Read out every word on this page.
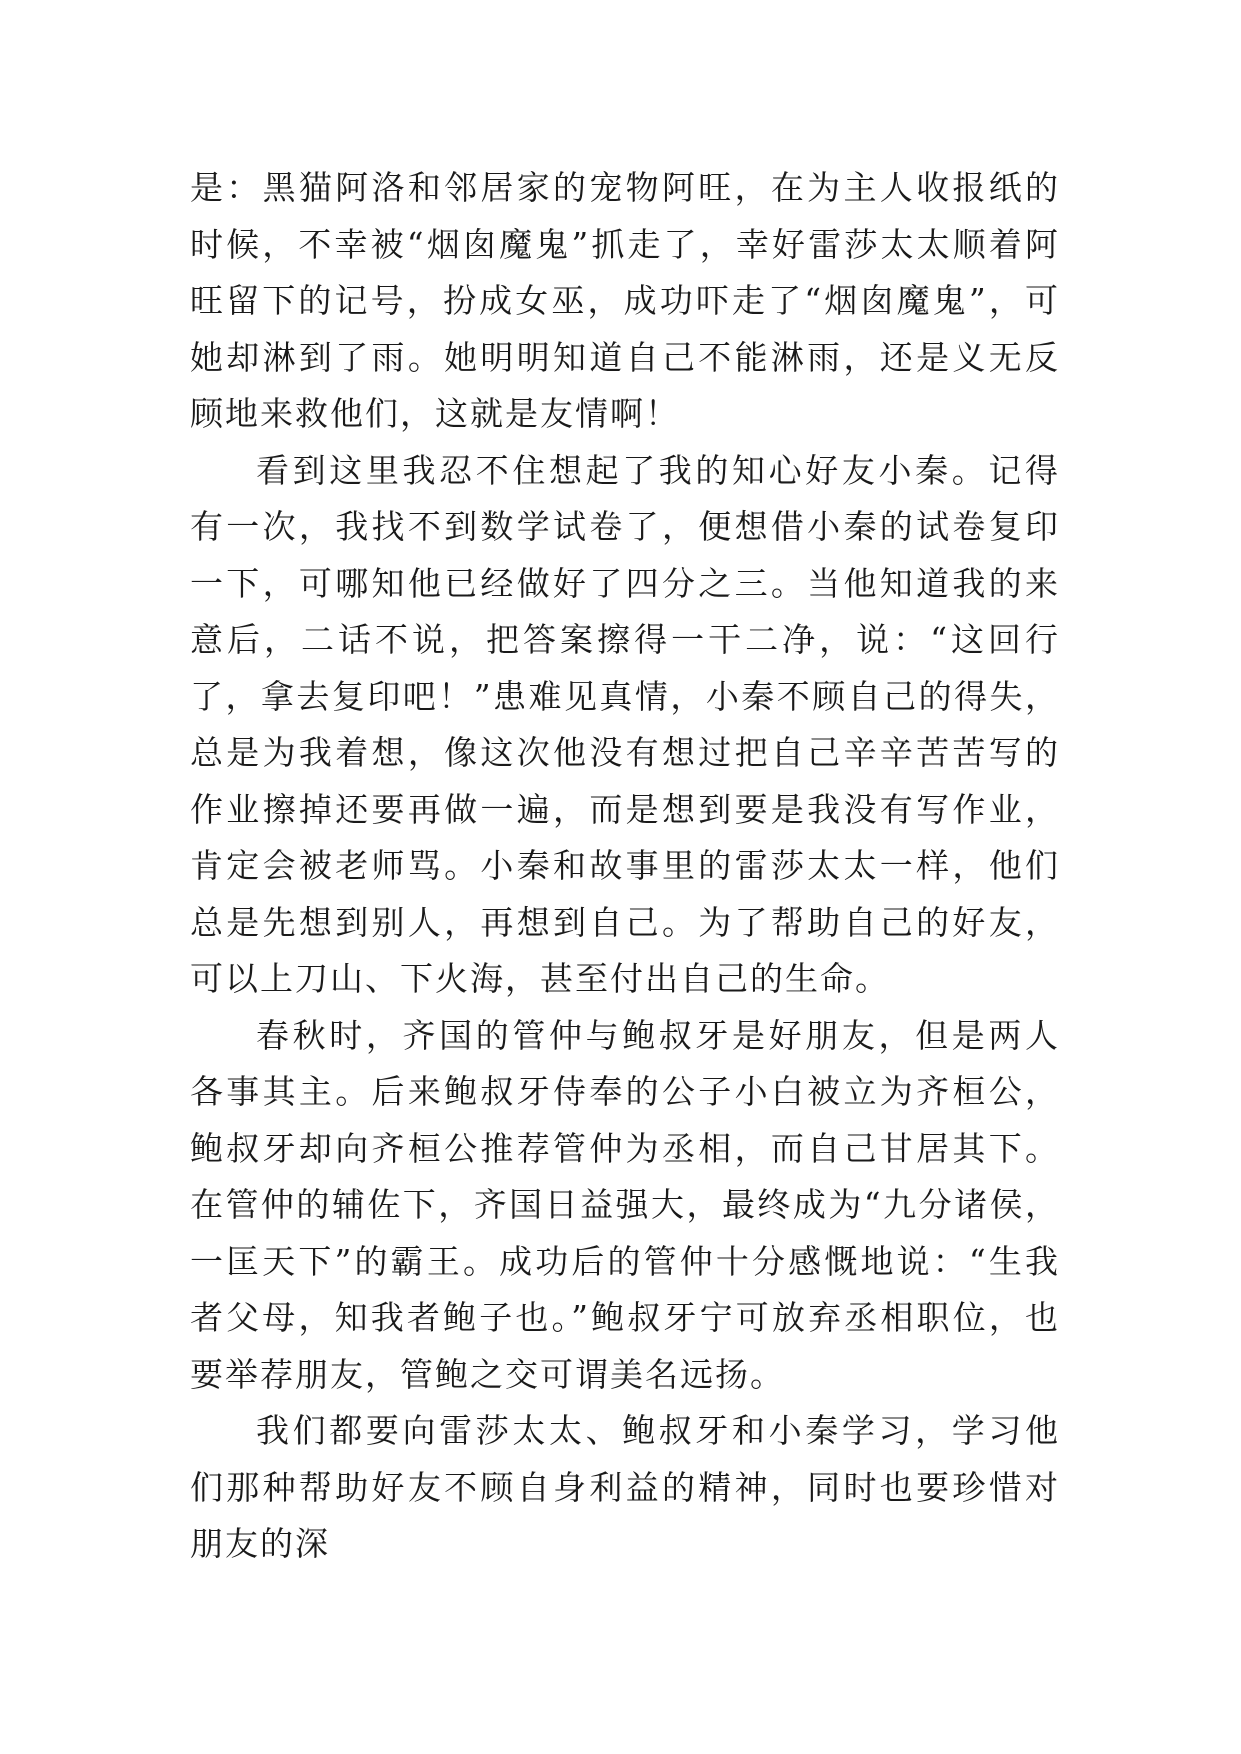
是：黑猫阿洛和邻居家的宠物阿旺，在为主人收报纸的时候，不幸被“烟囱魔鬼”抓走了，幸好雷莎太太顺着阿旺留下的记号，扮成女巫，成功吓走了“烟囱魔鬼”，可她却淋到了雨。她明明知道自己不能淋雨，还是义无反顾地来救他们，这就是友情啊！

看到这里我忍不住想起了我的知心好友小秦。记得有一次，我找不到数学试卷了，便想借小秦的试卷复印一下，可哪知他已经做好了四分之三。当他知道我的来意后，二话不说，把答案擦得一干二净，说：“这回行了，拿去复印吧！”患难见真情，小秦不顾自己的得失，总是为我着想，像这次他没有想过把自己辛辛苦苦写的作业擦掉还要再做一遍，而是想到要是我没有写作业，肯定会被老师骂。小秦和故事里的雷莎太太一样，他们总是先想到别人，再想到自己。为了帮助自己的好友，可以上刀山、下火海，甚至付出自己的生命。

春秋时，齐国的管仲与鲍叔牙是好朋友，但是两人各事其主。后来鲍叔牙侍奉的公子小白被立为齐桓公，鲍叔牙却向齐桓公推荐管仲为丞相，而自己甘居其下。在管仲的辅佐下，齐国日益强大，最终成为“九分诸侯，一匡天下”的霸王。成功后的管仲十分感慨地说：“生我者父母，知我者鲍子也。”鲍叔牙宁可放弃丞相职位，也要举荐朋友，管鲍之交可谓美名远扬。

我们都要向雷莎太太、鲍叔牙和小秦学习，学习他们那种帮助好友不顾自身利益的精神，同时也要珍惜对朋友的深
